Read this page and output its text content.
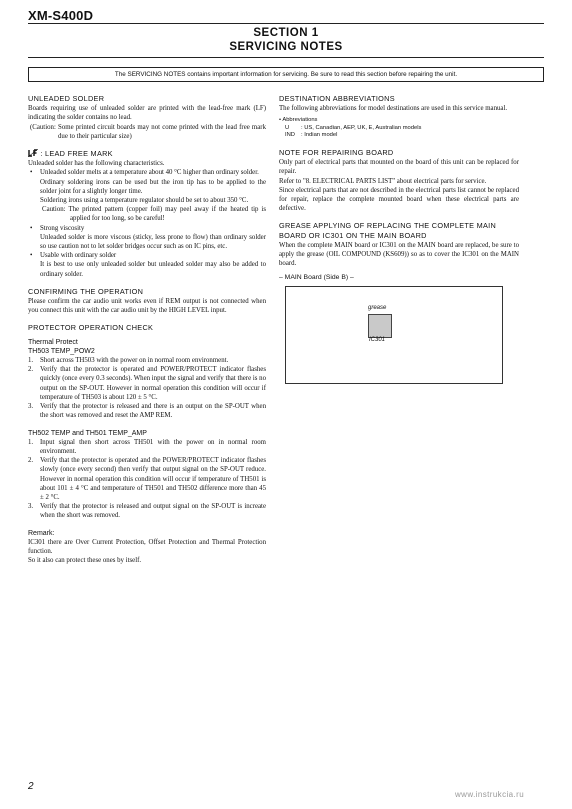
XM-S400D
SECTION 1
SERVICING NOTES
The SERVICING NOTES contains important information for servicing. Be sure to read this section before repairing the unit.
UNLEADED SOLDER

Boards requiring use of unleaded solder are printed with the lead-free mark (LF) indicating the solder contains no lead.

(Caution: Some printed circuit boards may not come printed with the lead free mark due to their particular size)

: LEAD FREE MARK

Unleaded solder has the following characteristics.

• Unleaded solder melts at a temperature about 40 °C higher than ordinary solder.

Ordinary soldering irons can be used but the iron tip has to be applied to the solder joint for a slightly longer time.

Soldering irons using a temperature regulator should be set to about 350 °C.

Caution: The printed pattern (copper foil) may peel away if the heated tip is applied for too long, so be careful!

• Strong viscosity

Unleaded solder is more viscous (sticky, less prone to flow) than ordinary solder so use caution not to let solder bridges occur such as on IC pins, etc.

• Usable with ordinary solder

It is best to use only unleaded solder but unleaded solder may also be added to ordinary solder.

CONFIRMING THE OPERATION

Please confirm the car audio unit works even if REM output is not connected when you connect this unit with the car audio unit by the HIGH LEVEL input.

PROTECTOR OPERATION CHECK
Thermal Protect
TH503 TEMP_POW2
1. Short across TH503 with the power on in normal room environment.
2. Verify that the protector is operated and POWER/PROTECT indicator flashes quickly (once every 0.3 seconds). When input the signal and verify that there is no output on the SP-OUT. However in normal operation this condition will occur if temperature of TH503 is about 120 ± 5 °C.
3. Verify that the protector is released and there is an output on the SP-OUT when the short was removed and reset the AMP REM.
TH502 TEMP and TH501 TEMP_AMP
1. Input signal then short across TH501 with the power on in normal room environment.
2. Verify that the protector is operated and the POWER/PROTECT indicator flashes slowly (once every second) then verify that output signal on the SP-OUT reduce. However in normal operation this condition will occur if temperature of TH501 is about 101 ± 4 °C and temperature of TH501 and TH502 difference more than 45 ± 2 °C.
3. Verify that the protector is released and output signal on the SP-OUT is increate when the short was removed.
Remark:

IC301 there are Over Current Protection, Offset Protection and Thermal Protection function.

So it also can protect these ones by itself.

DESTINATION ABBREVIATIONS

The following abbreviations for model destinations are used in this service manual.

• Abbreviations
U	: US, Canadian, AEP, UK, E, Australian models
IND	: Indian model
NOTE FOR REPAIRING BOARD

Only part of electrical parts that mounted on the board of this unit can be replaced for repair.

Refer to "8. ELECTRICAL PARTS LIST" about electrical parts for service.

Since electrical parts that are not described in the electrical parts list cannot be replaced for repair, replace the complete mounted board when these electrical parts are defective.

GREASE APPLYING OF REPLACING THE COMPLETE MAIN BOARD OR IC301 ON THE MAIN BOARD

When the complete MAIN board or IC301 on the MAIN board are replaced, be sure to apply the grease (OIL COMPOUND (KS609)) so as to cover the IC301 on the MAIN board.

– MAIN Board (Side B) –
grease
IC301
2
www.instrukcia.ru
